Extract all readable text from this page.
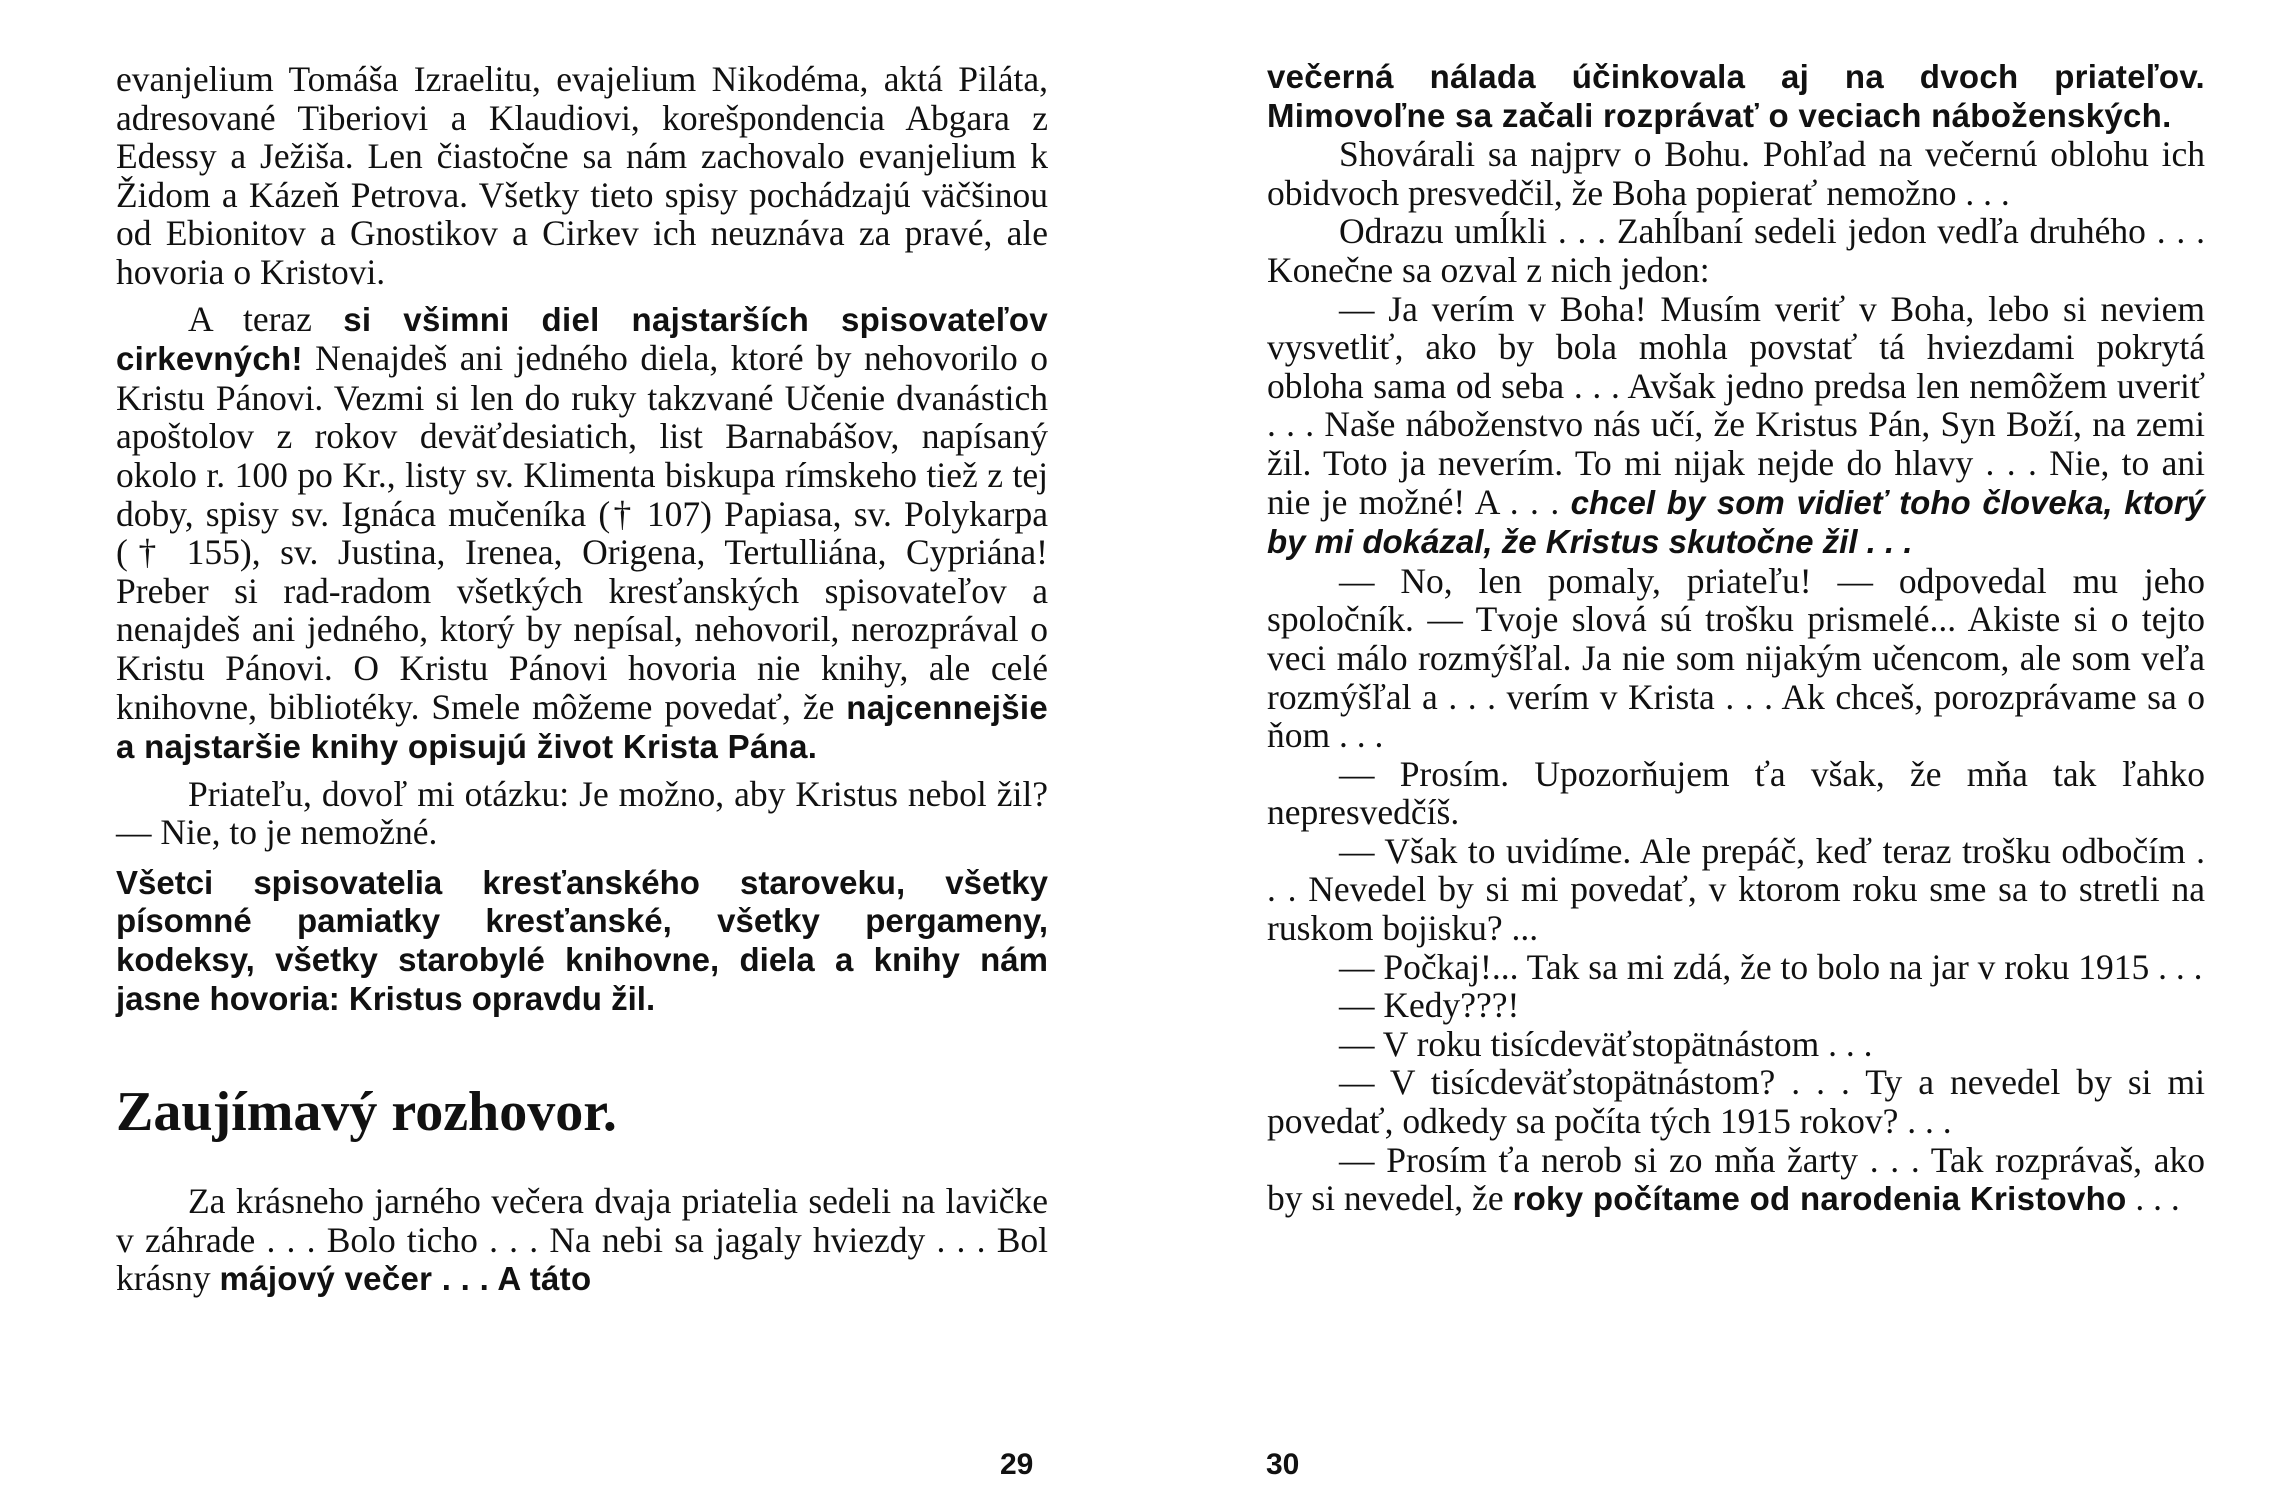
evanjelium Tomáša Izraelitu, evajelium Nikodéma, aktá Piláta, adresované Tiberiovi a Klaudiovi, korešpondencia Abgara z Edessy a Ježiša. Len čiastočne sa nám zachovalo evanjelium k Židom a Kázeň Petrova. Všetky tieto spisy pochádzajú väčšinou od Ebionitov a Gnostikov a Cirkev ich neuznáva za pravé, ale hovoria o Kristovi.

A teraz si všimni diel najstarších spisovateľov cirkevných! Nenajdeš ani jedného diela, ktoré by nehovorilo o Kristu Pánovi. Vezmi si len do ruky takzvané Učenie dvanástich apoštolov z rokov deväťdesiatich, list Barnabášov, napísaný okolo r. 100 po Kr., listy sv. Klimenta biskupa rímskeho tiež z tej doby, spisy sv. Ignáca mučeníka († 107) Papiasa, sv. Polykarpa († 155), sv. Justina, Irenea, Origena, Tertulliána, Cypriána! Preber si rad-radom všetkých kresťanských spisovateľov a nenajdeš ani jedného, ktorý by nepísal, nehovoril, nerozprával o Kristu Pánovi. O Kristu Pánovi hovoria nie knihy, ale celé knihovne, bibliotéky. Smele môžeme povedať, že najcennejšie a najstaršie knihy opisujú život Krista Pána.

Priateľu, dovoľ mi otázku: Je možno, aby Kristus nebol žil? — Nie, to je nemožné.

Všetci spisovatelia kresťanského staroveku, všetky písomné pamiatky kresťanské, všetky pergameny, kodeksy, všetky starobylé knihovne, diela a knihy nám jasne hovoria: Kristus opravdu žil.

Zaujímavý rozhovor.

Za krásneho jarného večera dvaja priatelia sedeli na lavičke v záhrade . . . Bolo ticho . . . Na nebi sa jagaly hviezdy . . . Bol krásny májový večer . . . A táto

29

večerná nálada účinkovala aj na dvoch priateľov. Mimovoľne sa začali rozprávať o veciach náboženských.

Shovárali sa najprv o Bohu. Pohľad na večernú oblohu ich obidvoch presvedčil, že Boha popierať nemožno . . .

Odrazu umĺkli . . . Zahĺbaní sedeli jedon vedľa druhého . . . Konečne sa ozval z nich jedon:

— Ja verím v Boha! Musím veriť v Boha, lebo si neviem vysvetliť, ako by bola mohla povstať tá hviezdami pokrytá obloha sama od seba . . . Avšak jedno predsa len nemôžem uveriť . . . Naše náboženstvo nás učí, že Kristus Pán, Syn Boží, na zemi žil. Toto ja neverím. To mi nijak nejde do hlavy . . . Nie, to ani nie je možné! A . . . chcel by som vidieť toho človeka, ktorý by mi dokázal, že Kristus skutočne žil . . .

— No, len pomaly, priateľu! — odpovedal mu jeho spoločník. — Tvoje slová sú trošku prismelé... Akiste si o tejto veci málo rozmýšľal. Ja nie som nijakým učencom, ale som veľa rozmýšľal a . . . verím v Krista . . . Ak chceš, porozprávame sa o ňom . . .

— Prosím. Upozorňujem ťa však, že mňa tak ľahko nepresvedčíš.

— Však to uvidíme. Ale prepáč, keď teraz trošku odbočím . . . Nevedel by si mi povedať, v ktorom roku sme sa to stretli na ruskom bojisku? ...

— Počkaj!... Tak sa mi zdá, že to bolo na jar v roku 1915 . . .

— Kedy???!

— V roku tisícdeväťstopätnástom . . .

— V tisícdeväťstopätnástom? . . . Ty a nevedel by si mi povedať, odkedy sa počíta tých 1915 rokov? . . .

— Prosím ťa nerob si zo mňa žarty . . . Tak rozprávaš, ako by si nevedel, že roky počítame od narodenia Kristovho . . .

30
